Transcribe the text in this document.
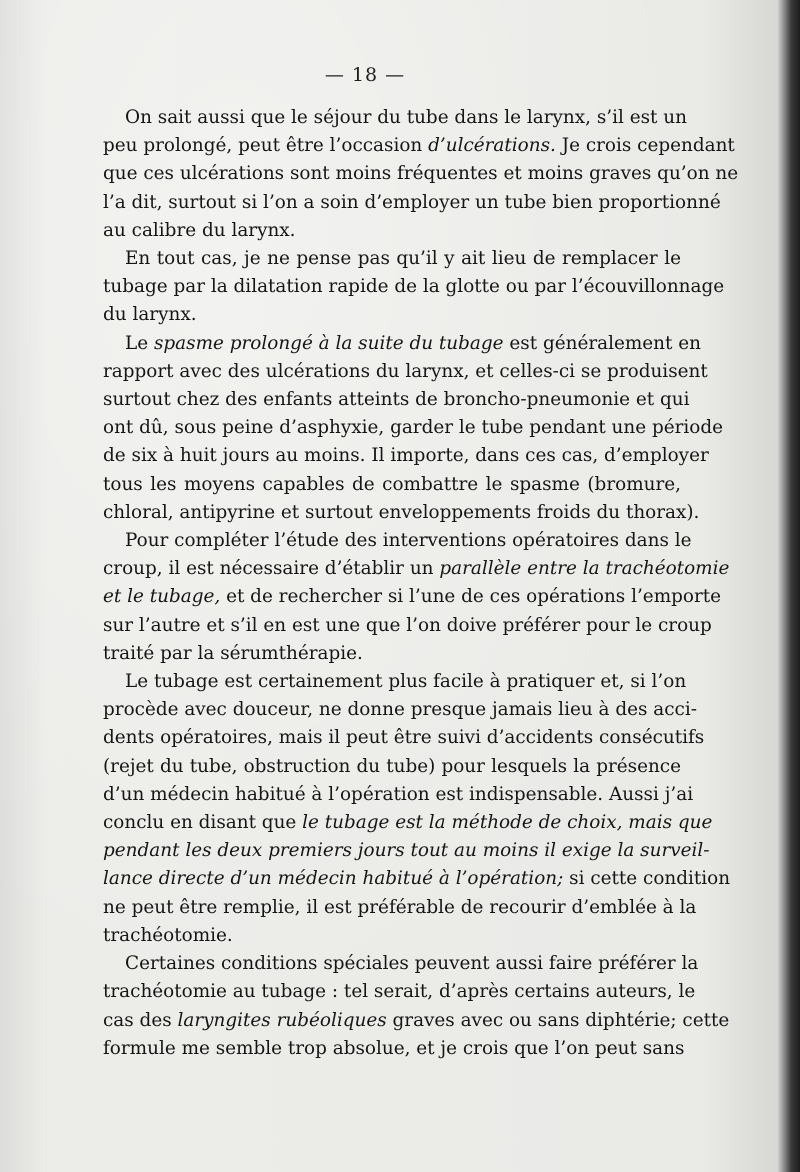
— 18 —
On sait aussi que le séjour du tube dans le larynx, s’il est un
peu prolongé, peut être l’occasion d’ulcérations. Je crois cependant
que ces ulcérations sont moins fréquentes et moins graves qu’on ne
l’a dit, surtout si l’on a soin d’employer un tube bien proportionné
au calibre du larynx.
En tout cas, je ne pense pas qu’il y ait lieu de remplacer le
tubage par la dilatation rapide de la glotte ou par l’écouvillonnage
du larynx.
Le spasme prolongé à la suite du tubage est généralement en
rapport avec des ulcérations du larynx, et celles-ci se produisent
surtout chez des enfants atteints de broncho-pneumonie et qui
ont dû, sous peine d’asphyxie, garder le tube pendant une période
de six à huit jours au moins. Il importe, dans ces cas, d’employer
tous les moyens capables de combattre le spasme (bromure,
chloral, antipyrine et surtout enveloppements froids du thorax).
Pour compléter l’étude des interventions opératoires dans le
croup, il est nécessaire d’établir un parallèle entre la trachéotomie
et le tubage, et de rechercher si l’une de ces opérations l’emporte
sur l’autre et s’il en est une que l’on doive préférer pour le croup
traité par la sérumthérapie.
Le tubage est certainement plus facile à pratiquer et, si l’on
procède avec douceur, ne donne presque jamais lieu à des acci-
dents opératoires, mais il peut être suivi d’accidents consécutifs
(rejet du tube, obstruction du tube) pour lesquels la présence
d’un médecin habitué à l’opération est indispensable. Aussi j’ai
conclu en disant que le tubage est la méthode de choix, mais que
pendant les deux premiers jours tout au moins il exige la surveil-
lance directe d’un médecin habitué à l’opération; si cette condition
ne peut être remplie, il est préférable de recourir d’emblée à la
trachéotomie.
Certaines conditions spéciales peuvent aussi faire préférer la
trachéotomie au tubage : tel serait, d’après certains auteurs, le
cas des laryngites rubéoliques graves avec ou sans diphtérie; cette
formule me semble trop absolue, et je crois que l’on peut sans
